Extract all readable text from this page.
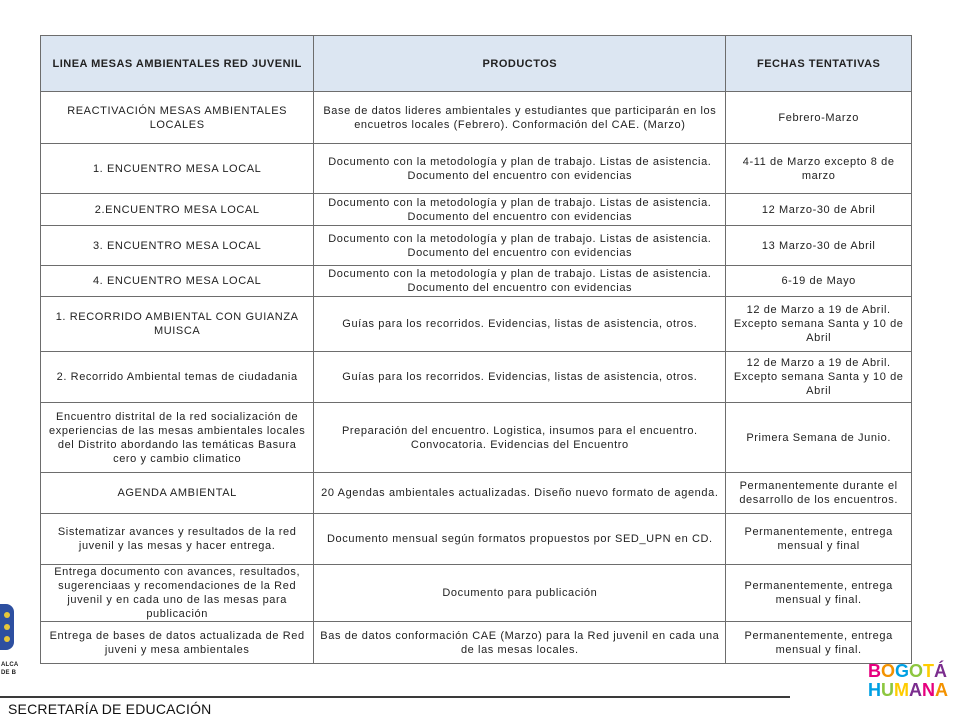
LINEA MESAS AMBIENTALES RED JUVENIL	PRODUCTOS	FECHAS TENTATIVAS
REACTIVACIÓN MESAS AMBIENTALES LOCALES	Base de datos lideres ambientales y estudiantes que participarán en los encuetros locales (Febrero). Conformación del CAE. (Marzo)	Febrero-Marzo
1. ENCUENTRO MESA LOCAL	Documento con la metodología y plan de trabajo. Listas de asistencia. Documento del encuentro con evidencias	4-11 de Marzo excepto 8 de marzo
2.ENCUENTRO MESA LOCAL	Documento con la metodología y plan de trabajo. Listas de asistencia. Documento del encuentro con evidencias	12 Marzo-30 de Abril
3. ENCUENTRO MESA LOCAL	Documento con la metodología y plan de trabajo. Listas de asistencia. Documento del encuentro con evidencias	13 Marzo-30 de Abril
4. ENCUENTRO MESA LOCAL	Documento con la metodología y plan de trabajo. Listas de asistencia. Documento del encuentro con evidencias	6-19 de Mayo
1. RECORRIDO AMBIENTAL CON GUIANZA MUISCA	Guías para los recorridos. Evidencias, listas de asistencia, otros.	12 de Marzo a 19 de Abril. Excepto semana Santa y 10 de Abril
2. Recorrido Ambiental temas de ciudadania	Guías para los recorridos. Evidencias, listas de asistencia, otros.	12 de Marzo a 19 de Abril. Excepto semana Santa y 10 de Abril
Encuentro distrital de la red socialización de experiencias de las mesas ambientales locales del Distrito abordando las temáticas Basura cero y cambio climatico	Preparación del encuentro. Logistica, insumos para el encuentro. Convocatoria. Evidencias del Encuentro	Primera Semana de Junio.
AGENDA AMBIENTAL	20 Agendas ambientales actualizadas. Diseño nuevo formato de agenda.	Permanentemente durante el desarrollo de los encuentros.
Sistematizar avances y resultados de la red juvenil y las mesas y hacer entrega.	Documento mensual según formatos propuestos por SED_UPN en CD.	Permanentemente, entrega mensual y final
Entrega documento con avances, resultados, sugerenciaas y recomendaciones de la Red juvenil y en cada uno de las mesas para publicación	Documento para publicación	Permanentemente, entrega mensual y final.
Entrega de bases de datos actualizada de Red juveni y mesa ambientales	Bas de datos conformación CAE (Marzo) para la Red juvenil en cada una de las mesas locales.	Permanentemente, entrega mensual y final.
ALCA
DE B
SECRETARÍA DE EDUCACIÓN
BOGOTÁ
HUMANA
